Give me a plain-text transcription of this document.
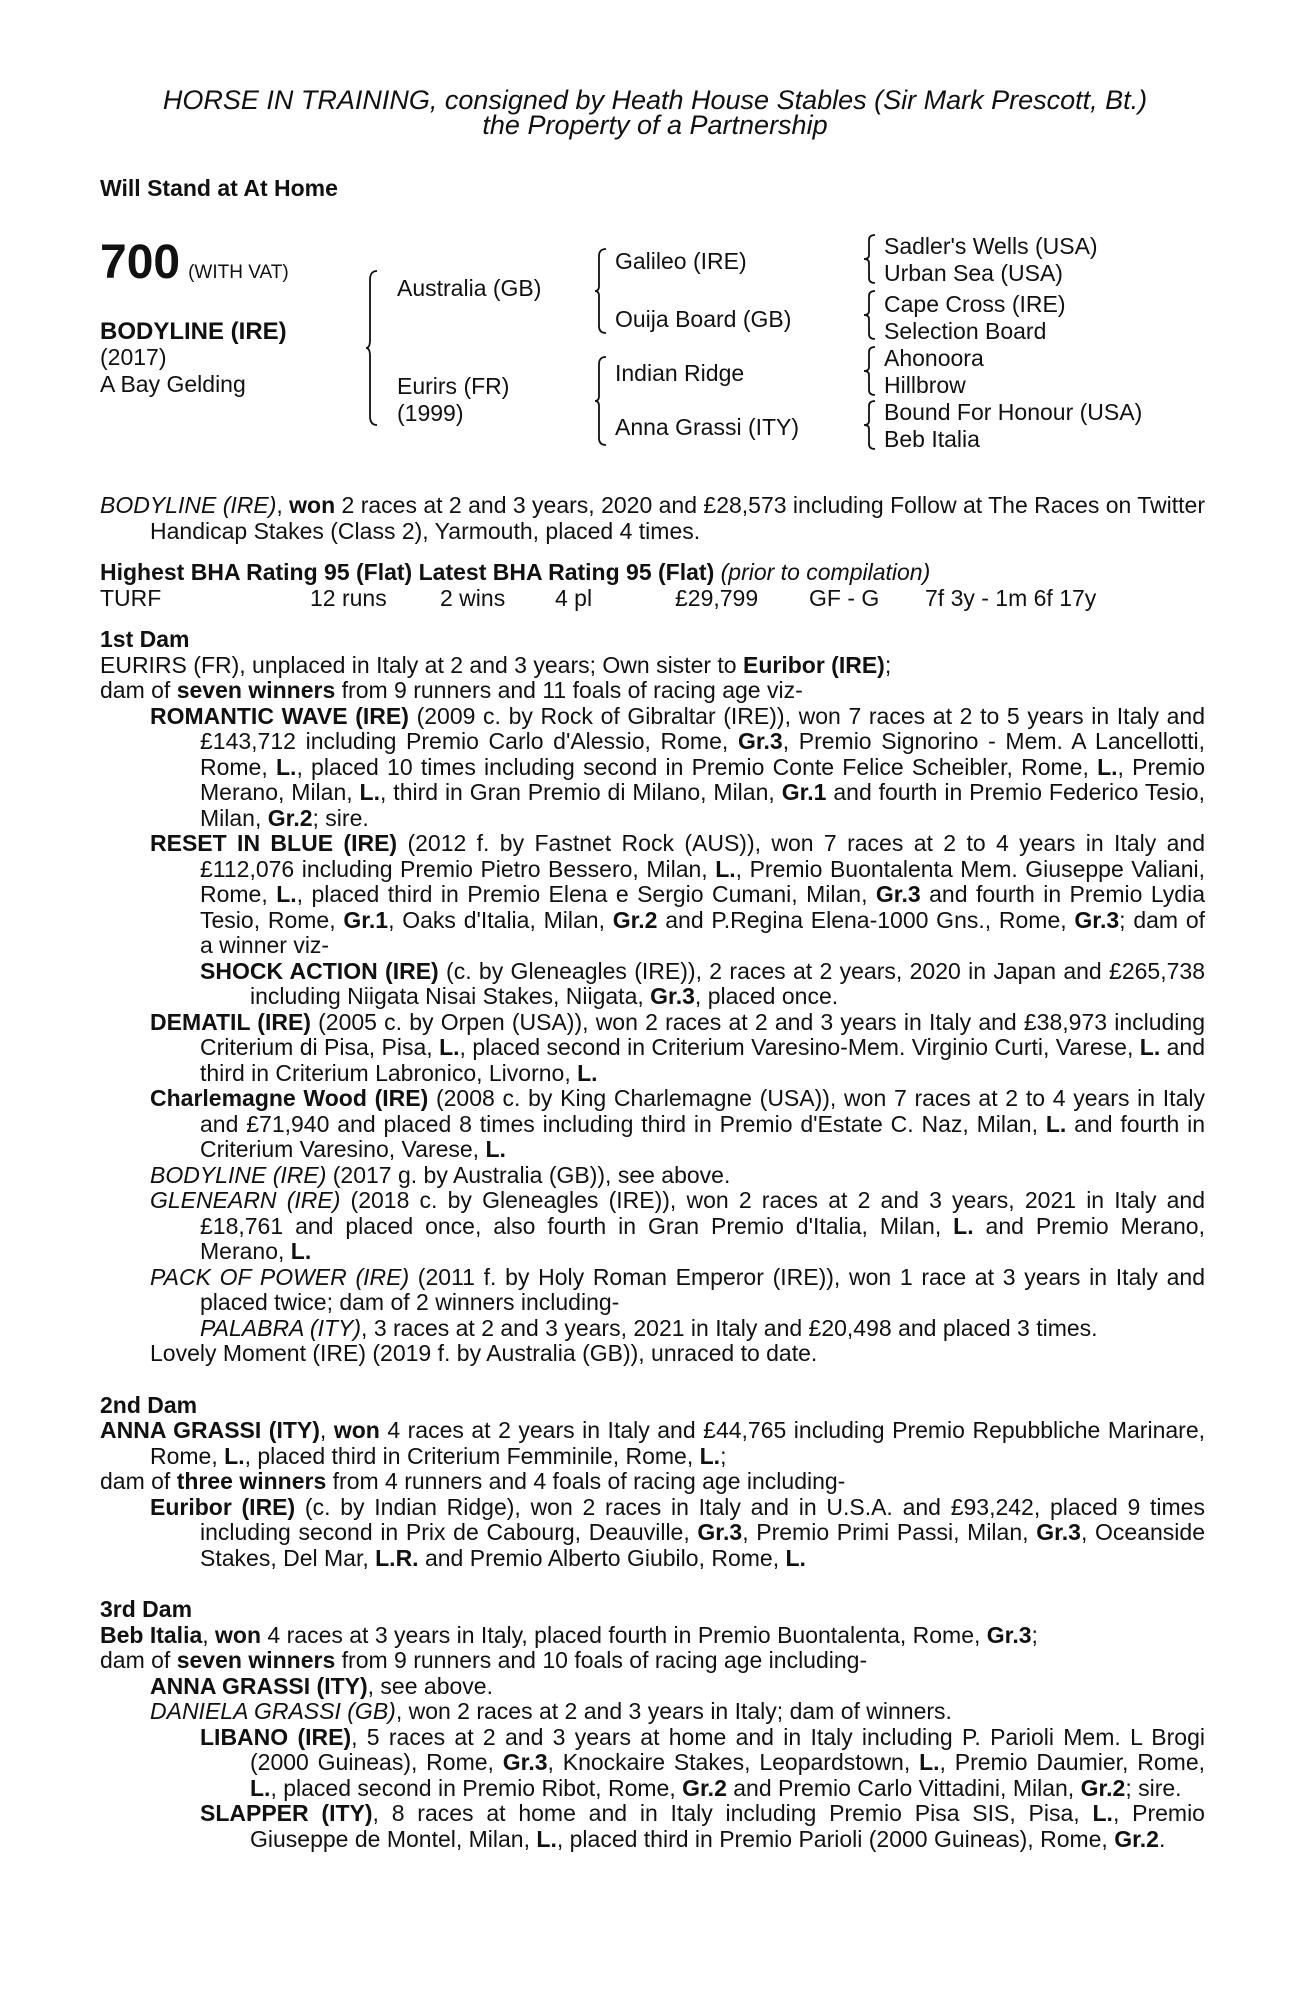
HORSE IN TRAINING, consigned by Heath House Stables (Sir Mark Prescott, Bt.)
the Property of a Partnership
Will Stand at At Home
700 (WITH VAT)
BODYLINE (IRE)
(2017)
A Bay Gelding
Australia (GB)
Eurirs (FR)
(1999)
Galileo (IRE)
Ouija Board (GB)
Indian Ridge
Anna Grassi (ITY)
Sadler's Wells (USA)
Urban Sea (USA)
Cape Cross (IRE)
Selection Board
Ahonoora
Hillbrow
Bound For Honour (USA)
Beb Italia
BODYLINE (IRE), won 2 races at 2 and 3 years, 2020 and £28,573 including Follow at The Races on Twitter Handicap Stakes (Class 2), Yarmouth, placed 4 times.
Highest BHA Rating 95 (Flat) Latest BHA Rating 95 (Flat) (prior to compilation)
TURF	12 runs	2 wins	4 pl	£29,799	GF - G	7f 3y - 1m 6f 17y
1st Dam
EURIRS (FR), unplaced in Italy at 2 and 3 years; Own sister to Euribor (IRE);
dam of seven winners from 9 runners and 11 foals of racing age viz-
ROMANTIC WAVE (IRE) (2009 c. by Rock of Gibraltar (IRE)), won 7 races at 2 to 5 years in Italy and £143,712 including Premio Carlo d'Alessio, Rome, Gr.3, Premio Signorino - Mem. A Lancellotti, Rome, L., placed 10 times including second in Premio Conte Felice Scheibler, Rome, L., Premio Merano, Milan, L., third in Gran Premio di Milano, Milan, Gr.1 and fourth in Premio Federico Tesio, Milan, Gr.2; sire.
RESET IN BLUE (IRE) (2012 f. by Fastnet Rock (AUS)), won 7 races at 2 to 4 years in Italy and £112,076 including Premio Pietro Bessero, Milan, L., Premio Buontalenta Mem. Giuseppe Valiani, Rome, L., placed third in Premio Elena e Sergio Cumani, Milan, Gr.3 and fourth in Premio Lydia Tesio, Rome, Gr.1, Oaks d'Italia, Milan, Gr.2 and P.Regina Elena-1000 Gns., Rome, Gr.3; dam of a winner viz-
SHOCK ACTION (IRE) (c. by Gleneagles (IRE)), 2 races at 2 years, 2020 in Japan and £265,738 including Niigata Nisai Stakes, Niigata, Gr.3, placed once.
DEMATIL (IRE) (2005 c. by Orpen (USA)), won 2 races at 2 and 3 years in Italy and £38,973 including Criterium di Pisa, Pisa, L., placed second in Criterium Varesino-Mem. Virginio Curti, Varese, L. and third in Criterium Labronico, Livorno, L.
Charlemagne Wood (IRE) (2008 c. by King Charlemagne (USA)), won 7 races at 2 to 4 years in Italy and £71,940 and placed 8 times including third in Premio d'Estate C. Naz, Milan, L. and fourth in Criterium Varesino, Varese, L.
BODYLINE (IRE) (2017 g. by Australia (GB)), see above.
GLENEARN (IRE) (2018 c. by Gleneagles (IRE)), won 2 races at 2 and 3 years, 2021 in Italy and £18,761 and placed once, also fourth in Gran Premio d'Italia, Milan, L. and Premio Merano, Merano, L.
PACK OF POWER (IRE) (2011 f. by Holy Roman Emperor (IRE)), won 1 race at 3 years in Italy and placed twice; dam of 2 winners including-
PALABRA (ITY), 3 races at 2 and 3 years, 2021 in Italy and £20,498 and placed 3 times.
Lovely Moment (IRE) (2019 f. by Australia (GB)), unraced to date.
2nd Dam
ANNA GRASSI (ITY), won 4 races at 2 years in Italy and £44,765 including Premio Repubbliche Marinare, Rome, L., placed third in Criterium Femminile, Rome, L.;
dam of three winners from 4 runners and 4 foals of racing age including-
Euribor (IRE) (c. by Indian Ridge), won 2 races in Italy and in U.S.A. and £93,242, placed 9 times including second in Prix de Cabourg, Deauville, Gr.3, Premio Primi Passi, Milan, Gr.3, Oceanside Stakes, Del Mar, L.R. and Premio Alberto Giubilo, Rome, L.
3rd Dam
Beb Italia, won 4 races at 3 years in Italy, placed fourth in Premio Buontalenta, Rome, Gr.3;
dam of seven winners from 9 runners and 10 foals of racing age including-
ANNA GRASSI (ITY), see above.
DANIELA GRASSI (GB), won 2 races at 2 and 3 years in Italy; dam of winners.
LIBANO (IRE), 5 races at 2 and 3 years at home and in Italy including P. Parioli Mem. L Brogi (2000 Guineas), Rome, Gr.3, Knockaire Stakes, Leopardstown, L., Premio Daumier, Rome, L., placed second in Premio Ribot, Rome, Gr.2 and Premio Carlo Vittadini, Milan, Gr.2; sire.
SLAPPER (ITY), 8 races at home and in Italy including Premio Pisa SIS, Pisa, L., Premio Giuseppe de Montel, Milan, L., placed third in Premio Parioli (2000 Guineas), Rome, Gr.2.
